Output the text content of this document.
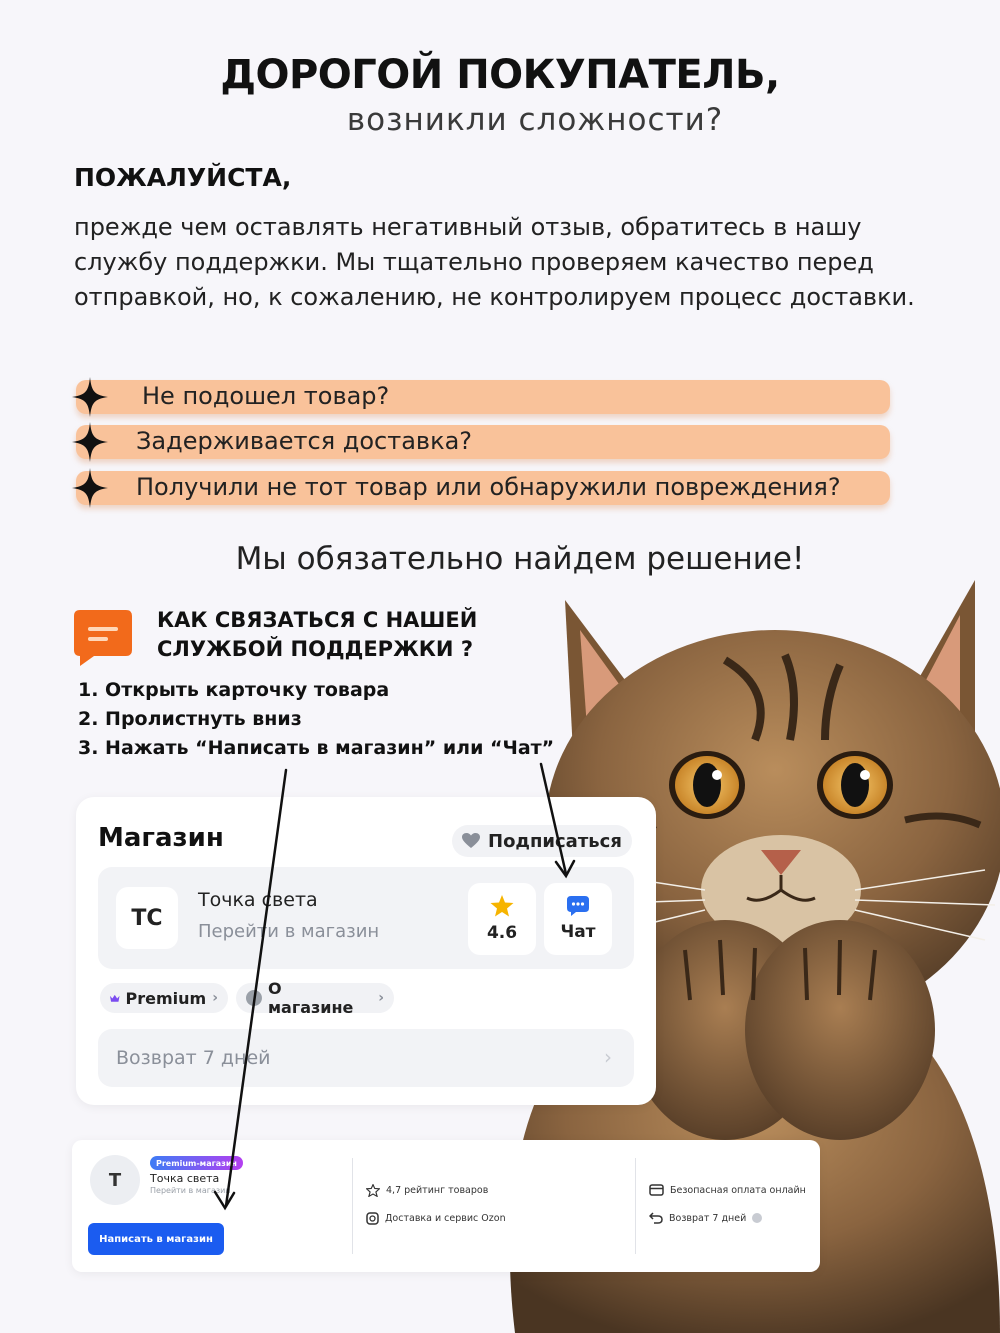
ДОРОГОЙ ПОКУПАТЕЛЬ,
возникли сложности?
ПОЖАЛУЙСТА,
прежде чем оставлять негативный отзыв, обратитесь в нашу службу поддержки. Мы тщательно проверяем качество перед отправкой, но, к сожалению, не контролируем процесс доставки.
Не подошел товар?
Задерживается доставка?
Получили не тот товар или обнаружили повреждения?
Мы обязательно найдем решение!
КАК СВЯЗАТЬСЯ С НАШЕЙ СЛУЖБОЙ ПОДДЕРЖКИ ?
1. Открыть карточку товара
2. Пролистнуть вниз
3. Нажать “Написать в магазин” или “Чат”
Магазин	Подписаться
ТС
Точка света
Перейти в магазин	4.6	Чат
Premium ›	О магазине	›
Возврат 7 дней	›
Т
Premium-магазин
Точка света
Перейти в магазин
Написать в магазин
4,7 рейтинг товаров
Доставка и сервис Ozon
Безопасная оплата онлайн
Возврат 7 дней
